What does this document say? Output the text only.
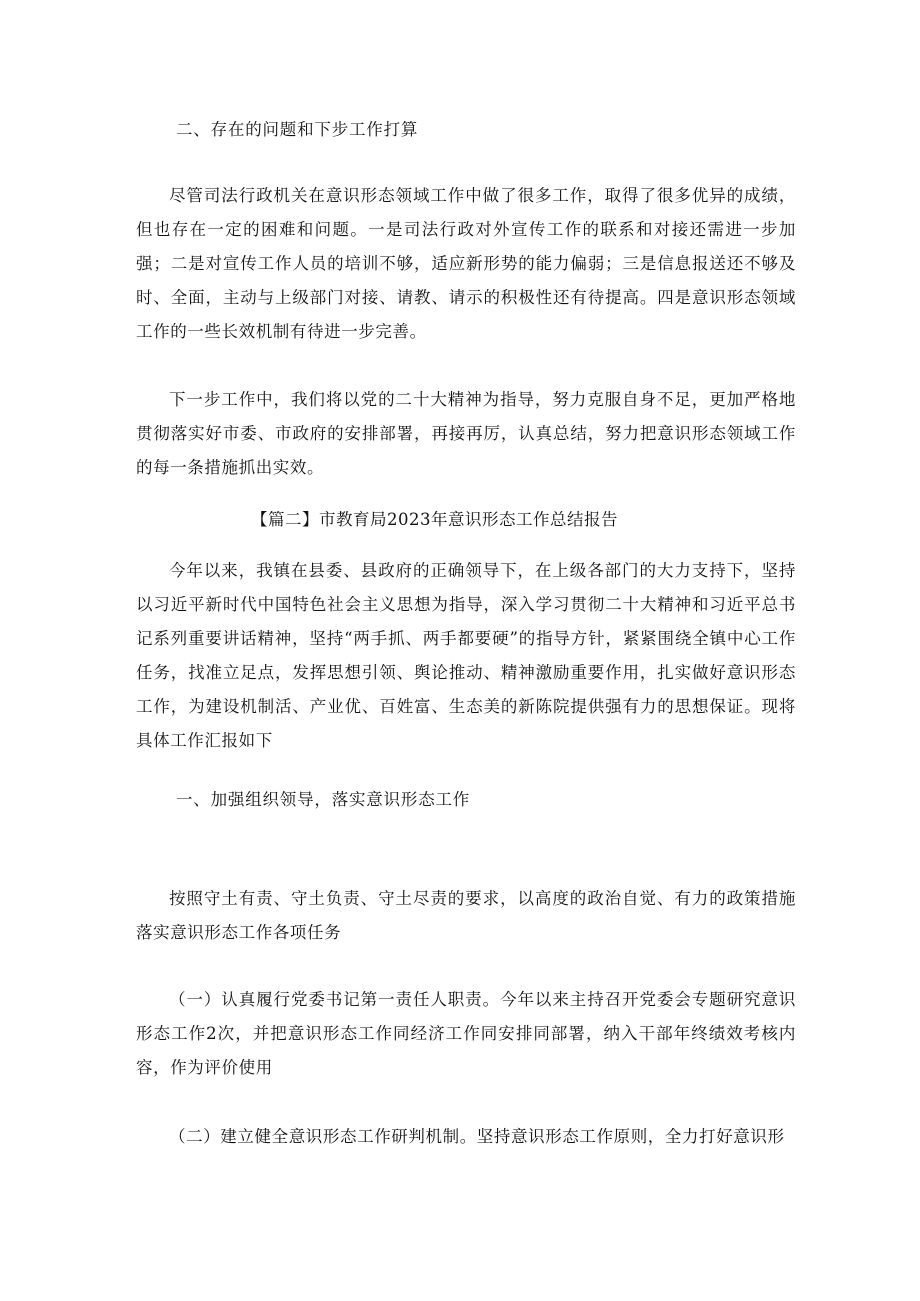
二、存在的问题和下步工作打算

尽管司法行政机关在意识形态领域工作中做了很多工作，取得了很多优异的成绩，但也存在一定的困难和问题。一是司法行政对外宣传工作的联系和对接还需进一步加强；二是对宣传工作人员的培训不够，适应新形势的能力偏弱；三是信息报送还不够及时、全面，主动与上级部门对接、请教、请示的积极性还有待提高。四是意识形态领域工作的一些长效机制有待进一步完善。

下一步工作中，我们将以党的二十大精神为指导，努力克服自身不足，更加严格地贯彻落实好市委、市政府的安排部署，再接再厉，认真总结，努力把意识形态领域工作的每一条措施抓出实效。

【篇二】市教育局2023年意识形态工作总结报告

今年以来，我镇在县委、县政府的正确领导下，在上级各部门的大力支持下，坚持以习近平新时代中国特色社会主义思想为指导，深入学习贯彻二十大精神和习近平总书记系列重要讲话精神，坚持“两手抓、两手都要硬”的指导方针，紧紧围绕全镇中心工作任务，找准立足点，发挥思想引领、舆论推动、精神激励重要作用，扎实做好意识形态工作，为建设机制活、产业优、百姓富、生态美的新陈院提供强有力的思想保证。现将具体工作汇报如下

一、加强组织领导，落实意识形态工作

按照守土有责、守土负责、守土尽责的要求，以高度的政治自觉、有力的政策措施落实意识形态工作各项任务

（一）认真履行党委书记第一责任人职责。今年以来主持召开党委会专题研究意识形态工作2次，并把意识形态工作同经济工作同安排同部署，纳入干部年终绩效考核内容，作为评价使用

（二）建立健全意识形态工作研判机制。坚持意识形态工作原则，全力打好意识形
